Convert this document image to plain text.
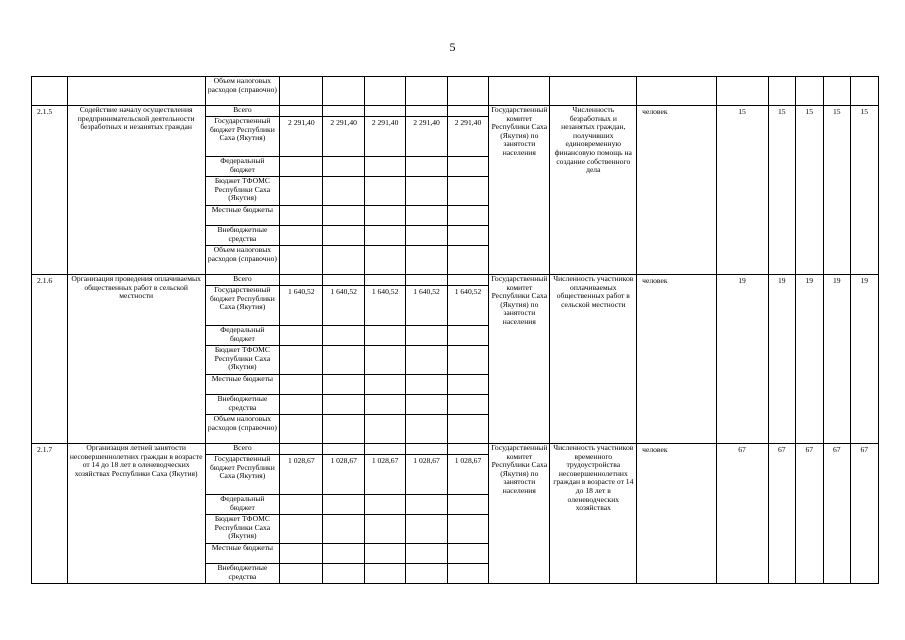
5
		Объем налоговых расходов (справочно)													
2.1.5	Содействие началу осуществления предпринимательской деятельности безработных и незанятых граждан	Всего						Государственный комитет Республики Саха (Якутия) по занятости населения	Численность безработных и незанятых граждан, получивших единовременную финансовую помощь на создание собственного дела	человек	15	15	15	15	15
		Государственный бюджет Республики Саха (Якутия)	2 291,40	2 291,40	2 291,40	2 291,40	2 291,40								
		Федеральный бюджет													
		Бюджет ТФОМС Республики Саха (Якутия)													
		Местные бюджеты													
		Внебюджетные средства													
		Объем налоговых расходов (справочно)													
2.1.6	Организация проведения оплачиваемых общественных работ в сельской местности	Всего						Государственный комитет Республики Саха (Якутия) по занятости населения	Численность участников оплачиваемых общественных работ в сельской местности	человек	19	19	19	19	19
		Государственный бюджет Республики Саха (Якутия)	1 640,52	1 640,52	1 640,52	1 640,52	1 640,52								
		Федеральный бюджет													
		Бюджет ТФОМС Республики Саха (Якутия)													
		Местные бюджеты													
		Внебюджетные средства													
		Объем налоговых расходов (справочно)													
2.1.7	Организация летней занятости несовершеннолетних граждан в возрасте от 14 до 18 лет в оленеводческих хозяйствах Республики Саха (Якутия)	Всего						Государственный комитет Республики Саха (Якутия) по занятости населения	Численность участников временного трудоустройства несовершеннолетних граждан в возрасте от 14 до 18 лет в оленеводческих хозяйствах	человек	67	67	67	67	67
		Государственный бюджет Республики Саха (Якутия)	1 028,67	1 028,67	1 028,67	1 028,67	1 028,67								
		Федеральный бюджет													
		Бюджет ТФОМС Республики Саха (Якутия)													
		Местные бюджеты													
		Внебюджетные средства													
